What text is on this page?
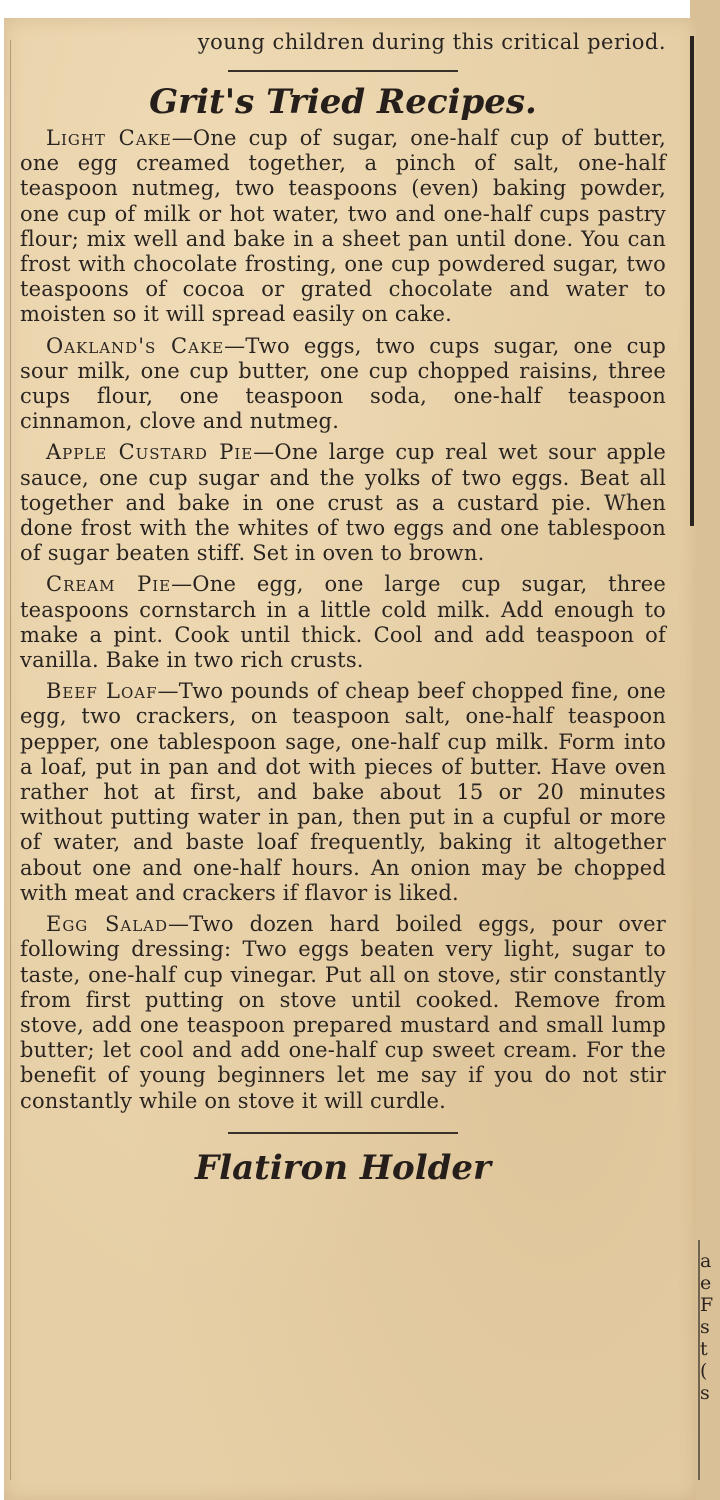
a
e
F
s
t
(
s
young children during this critical period.
Grit's Tried Recipes.

Light Cake—One cup of sugar, one-half cup of butter, one egg creamed together, a pinch of salt, one-half teaspoon nutmeg, two teaspoons (even) baking powder, one cup of milk or hot water, two and one-half cups pastry flour; mix well and bake in a sheet pan until done. You can frost with chocolate frosting, one cup powdered sugar, two teaspoons of cocoa or grated chocolate and water to moisten so it will spread easily on cake.

Oakland's Cake—Two eggs, two cups sugar, one cup sour milk, one cup butter, one cup chopped raisins, three cups flour, one teaspoon soda, one-half teaspoon cinnamon, clove and nutmeg.

Apple Custard Pie—One large cup real wet sour apple sauce, one cup sugar and the yolks of two eggs. Beat all together and bake in one crust as a custard pie. When done frost with the whites of two eggs and one tablespoon of sugar beaten stiff. Set in oven to brown.

Cream Pie—One egg, one large cup sugar, three teaspoons cornstarch in a little cold milk. Add enough to make a pint. Cook until thick. Cool and add teaspoon of vanilla. Bake in two rich crusts.

Beef Loaf—Two pounds of cheap beef chopped fine, one egg, two crackers, on teaspoon salt, one-half teaspoon pepper, one tablespoon sage, one-half cup milk. Form into a loaf, put in pan and dot with pieces of butter. Have oven rather hot at first, and bake about 15 or 20 minutes without putting water in pan, then put in a cupful or more of water, and baste loaf frequently, baking it altogether about one and one-half hours. An onion may be chopped with meat and crackers if flavor is liked.

Egg Salad—Two dozen hard boiled eggs, pour over following dressing: Two eggs beaten very light, sugar to taste, one-half cup vinegar. Put all on stove, stir constantly from first putting on stove until cooked. Remove from stove, add one teaspoon prepared mustard and small lump butter; let cool and add one-half cup sweet cream. For the benefit of young beginners let me say if you do not stir constantly while on stove it will curdle.

Flatiron Holder
